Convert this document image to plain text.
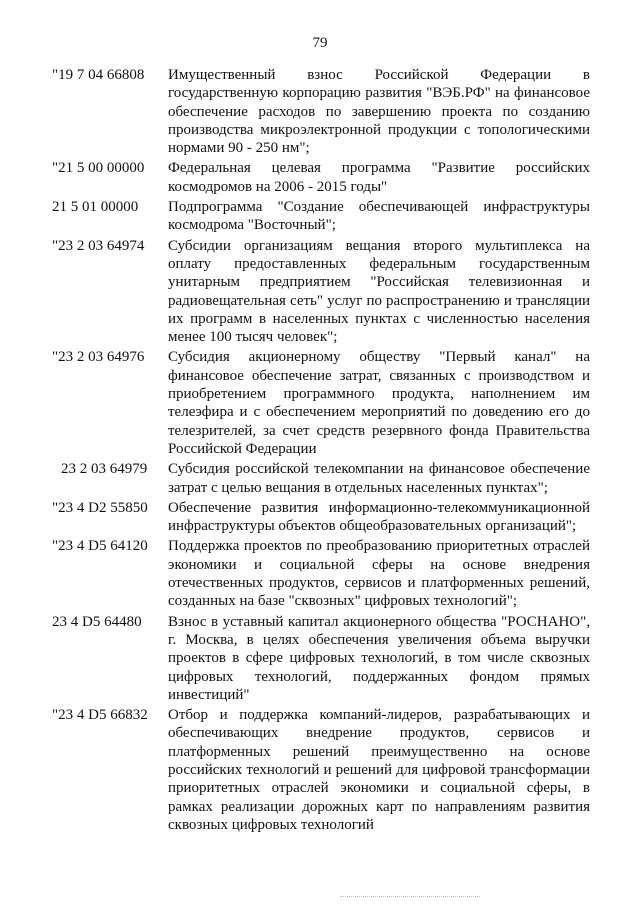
79
"19 7 04 66808	Имущественный взнос Российской Федерации в государственную корпорацию развития "ВЭБ.РФ" на финансовое обеспечение расходов по завершению проекта по созданию производства микроэлектронной продукции с топологическими нормами 90 - 250 нм";
"21 5 00 00000	Федеральная целевая программа "Развитие российских космодромов на 2006 - 2015 годы"
21 5 01 00000	Подпрограмма "Создание обеспечивающей инфраструктуры космодрома "Восточный";
"23 2 03 64974	Субсидии организациям вещания второго мультиплекса на оплату предоставленных федеральным государственным унитарным предприятием "Российская телевизионная и радиовещательная сеть" услуг по распространению и трансляции их программ в населенных пунктах с численностью населения менее 100 тысяч человек";
"23 2 03 64976	Субсидия акционерному обществу "Первый канал" на финансовое обеспечение затрат, связанных с производством и приобретением программного продукта, наполнением им телеэфира и с обеспечением мероприятий по доведению его до телезрителей, за счет средств резервного фонда Правительства Российской Федерации
23 2 03 64979	Субсидия российской телекомпании на финансовое обеспечение затрат с целью вещания в отдельных населенных пунктах";
"23 4 D2 55850	Обеспечение развития информационно-телекоммуникационной инфраструктуры объектов общеобразовательных организаций";
"23 4 D5 64120	Поддержка проектов по преобразованию приоритетных отраслей экономики и социальной сферы на основе внедрения отечественных продуктов, сервисов и платформенных решений, созданных на базе "сквозных" цифровых технологий";
23 4 D5 64480	Взнос в уставный капитал акционерного общества "РОСНАНО", г. Москва, в целях обеспечения увеличения объема выручки проектов в сфере цифровых технологий, в том числе сквозных цифровых технологий, поддержанных фондом прямых инвестиций"
"23 4 D5 66832	Отбор и поддержка компаний-лидеров, разрабатывающих и обеспечивающих внедрение продуктов, сервисов и платформенных решений преимущественно на основе российских технологий и решений для цифровой трансформации приоритетных отраслей экономики и социальной сферы, в рамках реализации дорожных карт по направлениям развития сквозных цифровых технологий
